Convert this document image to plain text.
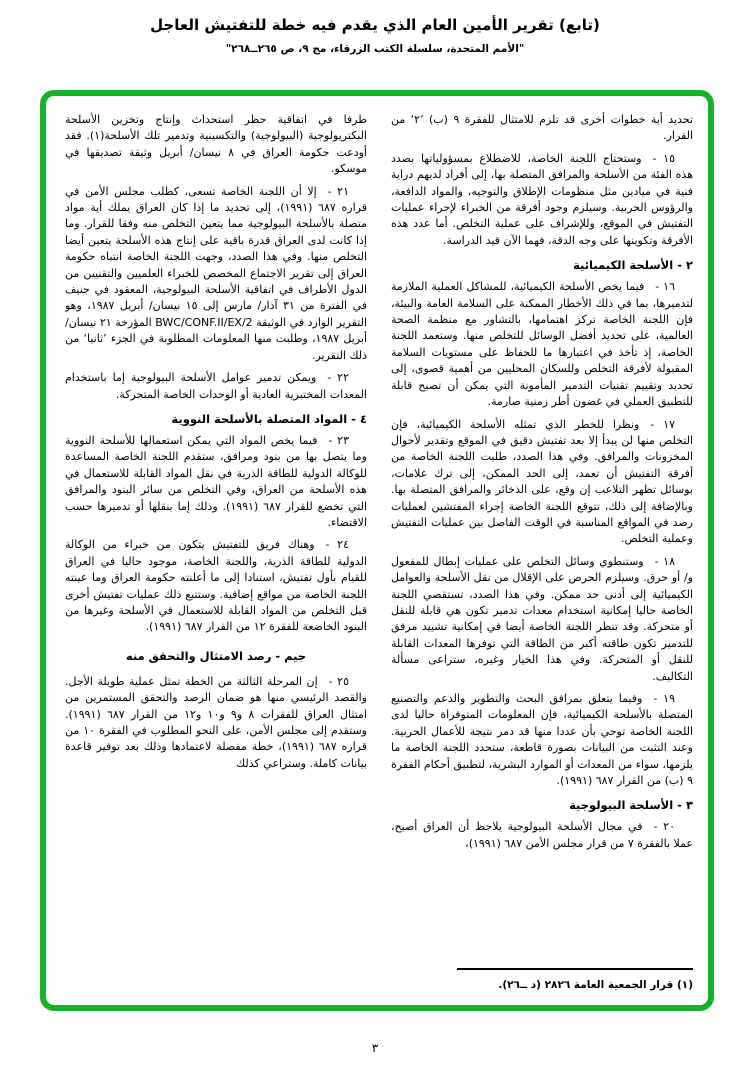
(تابع) تقرير الأمين العام الذي يقدم فيه خطة للتفتيش العاجل
"الأمم المتحدة، سلسلة الكتب الزرقاء، مج ٩، ص ٢٦٥ــ٢٦٨"

تحديد أية خطوات أخرى قد تلزم للامتثال للفقرة ٩ (ب) ’٢‘ من القرار.

١٥ - وستحتاج اللجنة الخاصة، للاضطلاع بمسؤولياتها بصدد هذه الفئة من الأسلحة والمرافق المتصلة بها، إلى أفراد لديهم دراية فنية في ميادين مثل منظومات الإطلاق والتوجيه، والمواد الدافعة، والرؤوس الحربية. وسيلزم وجود أفرقة من الخبراء لإجراء عمليات التفتيش في الموقع، وللإشراف على عملية التخلص. أما عدد هذه الأفرقة وتكوينها على وجه الدقة، فهما الآن قيد الدراسة.

٢ - الأسلحة الكيميائية

١٦ - فيما يخص الأسلحة الكيميائية، للمشاكل العملية الملازمة لتدميرها، بما في ذلك الأخطار الممكنة على السلامة العامة والبيئة، فإن اللجنة الخاصة تركز اهتمامها، بالتشاور مع منظمة الصحة العالمية، على تحديد أفضل الوسائل للتخلص منها. وستعمد اللجنة الخاصة، إذ تأخذ في اعتبارها ما للحفاظ على مستويات السلامة المقبولة لأفرقة التخلص وللسكان المحليين من أهمية قصوى، إلى تحديد وتقييم تقنيات التدمير المأمونة التي يمكن أن تصبح قابلة للتطبيق العملي في غضون أطر زمنية صارمة.

١٧ - ونظرا للخطر الذي تمثله الأسلحة الكيميائية، فإن التخلص منها لن يبدأ إلا بعد تفتيش دقيق في الموقع وتقدير لأحوال المخزونات والمرافق. وفي هذا الصدد، طلبت اللجنة الخاصة من أفرقة التفتيش أن تعمد، إلى الحد الممكن، إلى ترك علامات، بوسائل تظهر التلاعب إن وقع، على الذخائر والمرافق المتصلة بها. وبالإضافة إلى ذلك، تتوقع اللجنة الخاصة إجراء المفتشين لعمليات رصد في المواقع المناسبة في الوقت الفاصل بين عمليات التفتيش وعملية التخلص.

١٨ - وستنطوي وسائل التخلص على عمليات إبطال للمفعول و/ أو حرق. وسيلزم الحرص على الإقلال من نقل الأسلحة والعوامل الكيميائية إلى أدنى حد ممكن. وفي هذا الصدد، تستقصي اللجنة الخاصة حاليا إمكانية استخدام معدات تدمير تكون هي قابلة للنقل أو متحركة. وقد تنظر اللجنة الخاصة أيضا في إمكانية تشييد مرفق للتدمير تكون طاقته أكبر من الطاقة التي توفرها المعدات القابلة للنقل أو المتحركة. وفي هذا الخيار وغيره، ستراعى مسألة التكاليف.

١٩ - وفيما يتعلق بمرافق البحث والتطوير والدعم والتصنيع المتصلة بالأسلحة الكيميائية، فإن المعلومات المتوفراة حاليا لدى اللجنة الخاصة توحي بأن عددا منها قد دمر نتيجة للأعمال الحربية. وعند التثبت من البيانات بصورة قاطعة، ستحدد اللجنة الخاصة ما يلزمها، سواء من المعدات أو الموارد البشرية، لتطبيق أحكام الفقرة ٩ (ب) من القرار ٦٨٧ (١٩٩١).

٣ - الأسلحة البيولوجية

٢٠ - في مجال الأسلحة البيولوجية يلاحظ أن العراق أصبح، عملا بالفقرة ٧ من قرار مجلس الأمن ٦٨٧ (١٩٩١)،

(١) قرار الجمعية العامة ٢٨٢٦ (د ــ٢٦).

طرفا في اتفاقية حظر استحداث وإنتاج وتخزين الأسلحة البكتريولوجية (البيولوجية) والتكسينية وتدمير تلك الأسلحة(١). فقد أودعت حكومة العراق في ٨ نيسان/ أبريل وثيقة تصديقها في موسكو.

٢١ - إلا أن اللجنة الخاصة تسعى، كطلب مجلس الأمن في قراره ٦٨٧ (١٩٩١)، إلى تحديد ما إذا كان العراق يملك أية مواد متصلة بالأسلحة البيولوجية مما يتعين التخلص منه وفقا للقرار. وما إذا كانت لدى العراق قدرة باقية على إنتاج هذه الأسلحة يتعين أيضا التخلص منها. وفي هذا الصدد، وجهت اللجنة الخاصة انتباه حكومة العراق إلى تقرير الاجتماع المخصص للخبراء العلميين والتقنيين من الدول الأطراف في اتفاقية الأسلحة البيولوجية، المعقود في جنيف في الفترة من ٣١ آذار/ مارس إلى ١٥ نيسان/ أبريل ١٩٨٧، وهو التقرير الوارد في الوثيقة BWC/CONF.II/EX/2 المؤرخة ٢١ نيسان/ أبريل ١٩٨٧، وطلبت منها المعلومات المطلوبة في الجزء ’ثانيا‘ من ذلك التقرير.

٢٢ - ويمكن تدمير عوامل الأسلحة البيولوجية إما باستخدام المعدات المختبرية العادية أو الوحدات الخاصة المتحركة.

٤ - المواد المتصلة بالأسلحة النووية

٢٣ - فيما يخص المواد التي يمكن استعمالها للأسلحة النووية وما يتصل بها من بنود ومرافق، ستقدم اللجنة الخاصة المساعدة للوكالة الدولية للطاقة الذرية في نقل المواد القابلة للاستعمال في هذه الأسلحة من العراق، وفي التخلص من سائر البنود والمرافق التي تخضع للقرار ٦٨٧ (١٩٩١). وذلك إما بنقلها أو تدميرها حسب الاقتضاء.

٢٤ - وهناك فريق للتفتيش يتكون من خبراء من الوكالة الدولية للطاقة الذرية، واللجنة الخاصة، موجود حاليا في العراق للقيام بأول تفتيش، استنادا إلى ما أعلنته حكومة العراق وما عينته اللجنة الخاصة من مواقع إضافية. وستتبع ذلك عمليات تفتيش أخرى قبل التخلص من المواد القابلة للاستعمال في الأسلحة وغيرها من البنود الخاضعة للفقرة ١٢ من القرار ٦٨٧ (١٩٩١).

جيم - رصد الامتثال والتحقق منه

٢٥ - إن المرحلة الثالثة من الخطة تمثل عملية طويلة الأجل. والقصد الرئيسي منها هو ضمان الرصد والتحقق المستمرين من امتثال العراق للفقرات ٨ و٩ و١٠ و١٢ من القرار ٦٨٧ (١٩٩١). وستقدم إلى مجلس الأمن، على النحو المطلوب في الفقرة ١٠ من قراره ٦٨٧ (١٩٩١)، خطة مفصلة لاعتمادها وذلك بعد توفير قاعدة بيانات كاملة. وستراعي كذلك

٣
